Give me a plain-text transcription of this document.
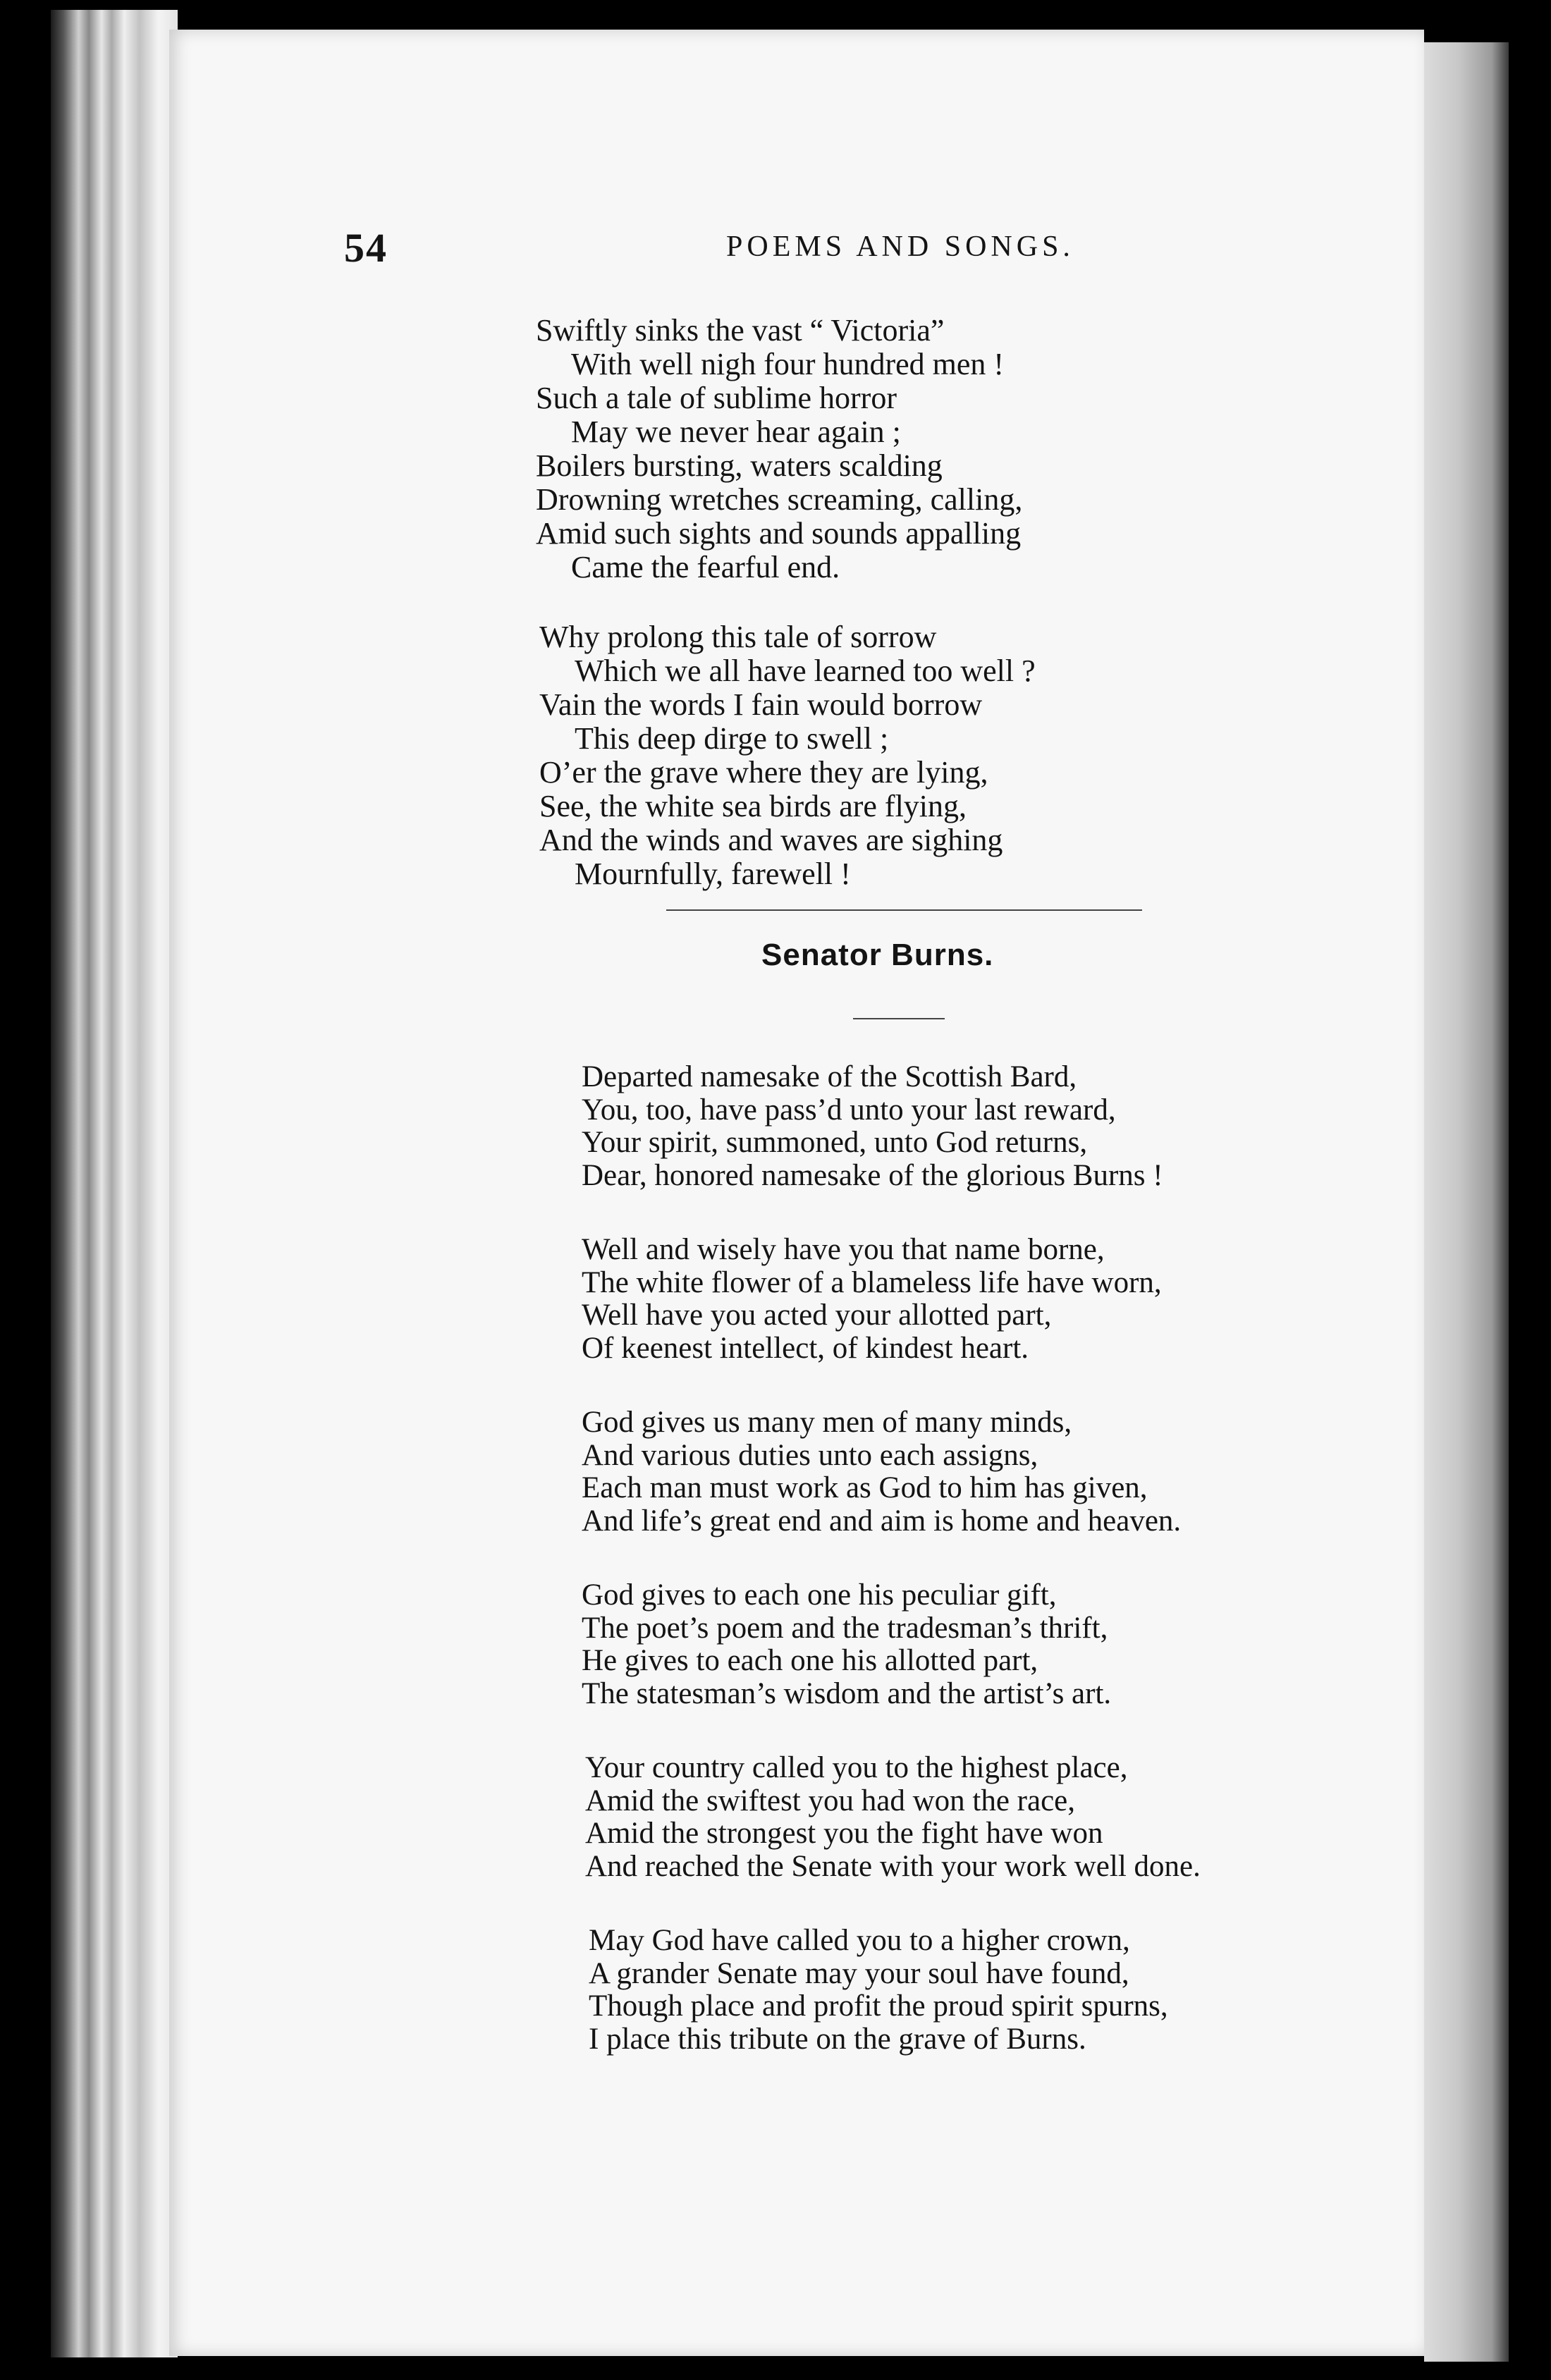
54	POEMS AND SONGS.

Swiftly sinks the vast “ Victoria”
With well nigh four hundred men !
Such a tale of sublime horror
May we never hear again ;
Boilers bursting, waters scalding
Drowning wretches screaming, calling,
Amid such sights and sounds appalling
Came the fearful end.

Why prolong this tale of sorrow
Which we all have learned too well ?
Vain the words I fain would borrow
This deep dirge to swell ;
O’er the grave where they are lying,
See, the white sea birds are flying,
And the winds and waves are sighing
Mournfully, farewell !

Senator Burns.

Departed namesake of the Scottish Bard,
You, too, have pass’d unto your last reward,
Your spirit, summoned, unto God returns,
Dear, honored namesake of the glorious Burns !

Well and wisely have you that name borne,
The white flower of a blameless life have worn,
Well have you acted your allotted part,
Of keenest intellect, of kindest heart.

God gives us many men of many minds,
And various duties unto each assigns,
Each man must work as God to him has given,
And life’s great end and aim is home and heaven.

God gives to each one his peculiar gift,
The poet’s poem and the tradesman’s thrift,
He gives to each one his allotted part,
The statesman’s wisdom and the artist’s art.

Your country called you to the highest place,
Amid the swiftest you had won the race,
Amid the strongest you the fight have won
And reached the Senate with your work well done.

May God have called you to a higher crown,
A grander Senate may your soul have found,
Though place and profit the proud spirit spurns,
I place this tribute on the grave of Burns.
